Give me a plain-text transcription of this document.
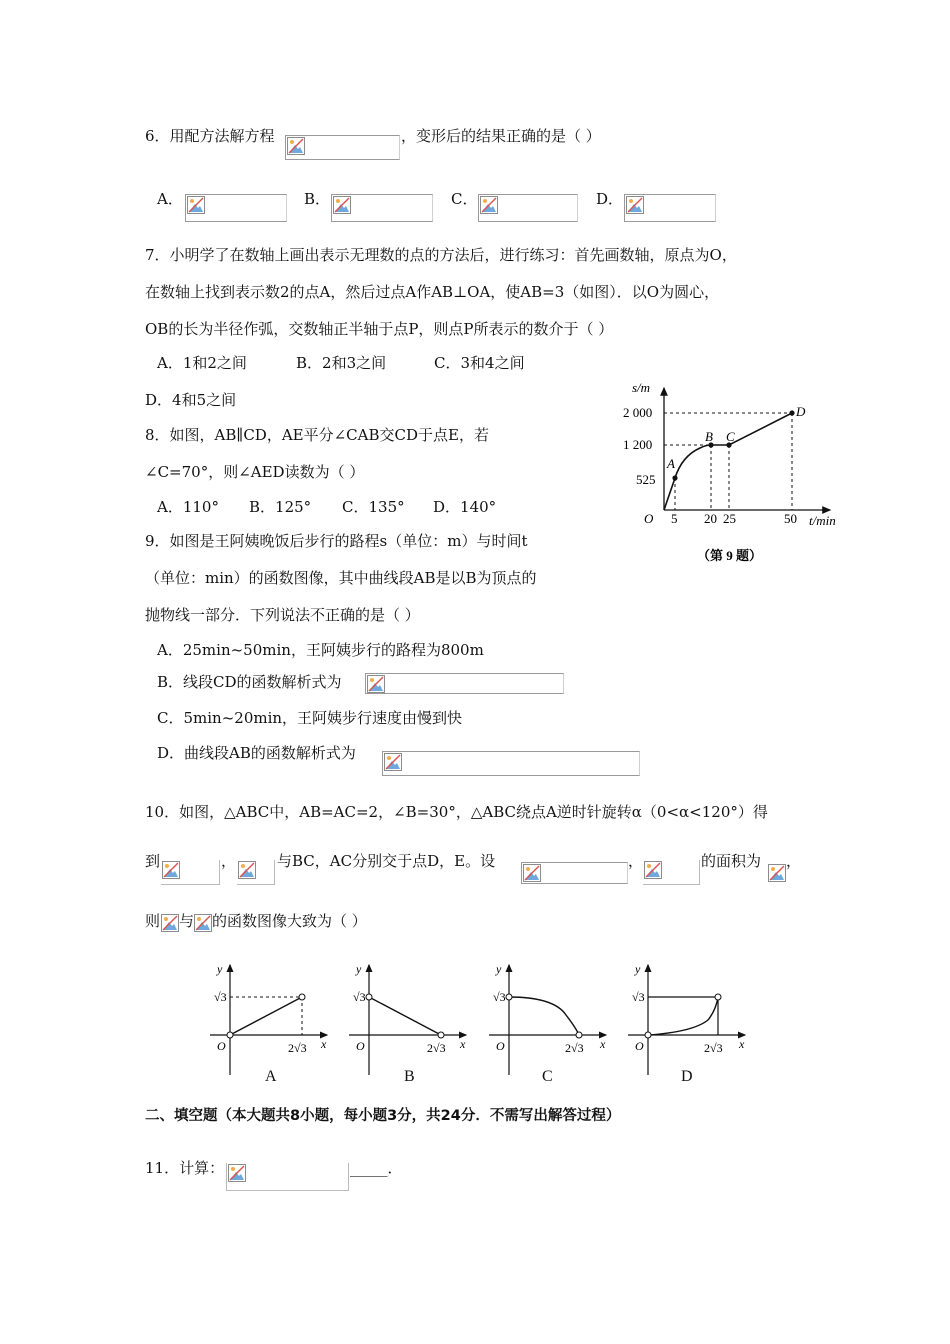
6．用配方法解方程	，变形后的结果正确的是（ ）
A．	B．	C．	D．
7．小明学了在数轴上画出表示无理数的点的方法后，进行练习：首先画数轴，原点为O，
在数轴上找到表示数2的点A，然后过点A作AB⊥OA，使AB=3（如图）．以O为圆心，
OB的长为半径作弧，交数轴正半轴于点P，则点P所表示的数介于（ ）
A．1和2之间	B．2和3之间	C．3和4之间
D．4和5之间
8．如图，AB∥CD，AE平分∠CAB交CD于点E，若
∠C=70°，则∠AED读数为（ ）
A．110° B．125° C．135° D．140°
9．如图是王阿姨晚饭后步行的路程s（单位：m）与时间t
（单位：min）的函数图像，其中曲线段AB是以B为顶点的
抛物线一部分．下列说法不正确的是（ ）
A．25min~50min，王阿姨步行的路程为800m
B．线段CD的函数解析式为
C．5min~20min，王阿姨步行速度由慢到快
D．曲线段AB的函数解析式为
s/m
t/min
O
2 000
1 200
525
5 20 25	50
A
B C
D
（第 9 题）
10．如图，△ABC中，AB=AC=2，∠B=30°，△ABC绕点A逆时针旋转α（0<α<120°）得
到	，	与BC，AC分别交于点D，E。设	，	的面积为 ，
则 与 的函数图像大致为（ ）
y
x
O
√3
2√3
y
x
O
√3
2√3
y
x
O
√3
2√3
y
x
O
√3
2√3
A	B	C	D
二、填空题（本大题共8小题，每小题3分，共24分．不需写出解答过程）
11．计算：	_____．
